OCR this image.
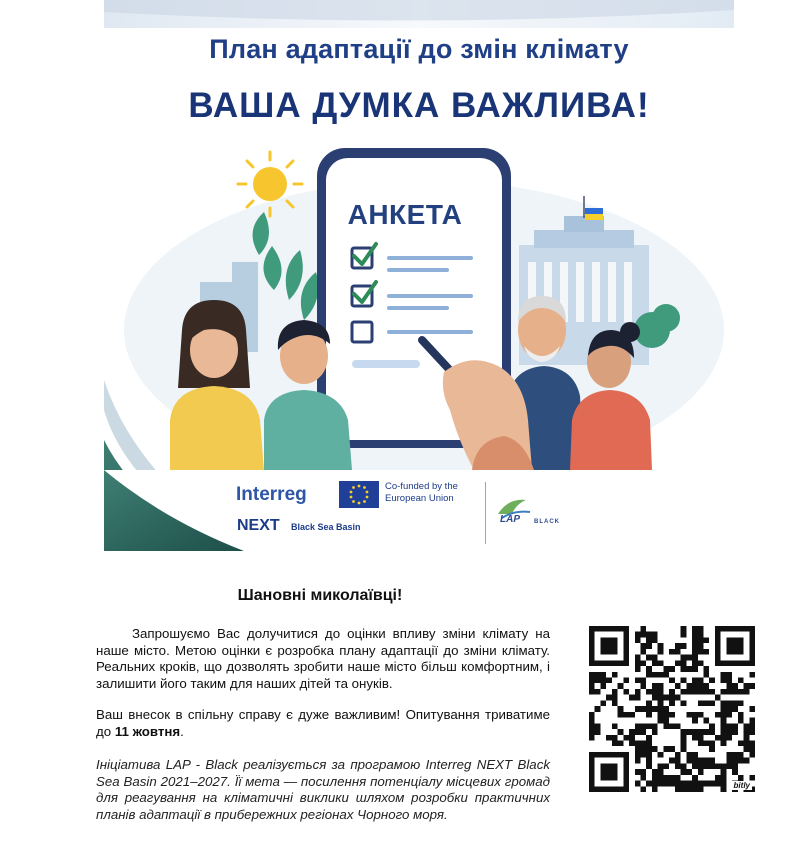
План адаптації до змін клімату

ВАША ДУМКА ВАЖЛИВА!

АНКЕТА
Interreg
NEXT Black Sea Basin
Co-funded by the European Union
LAP BLACK

Шановні миколаївці!

Запрошуємо Вас долучитися до оцінки впливу зміни клімату на наше місто. Метою оцінки є розробка плану адаптації до зміни клімату. Реальних кроків, що дозволять зробити наше місто більш комфортним, і залишити його таким для наших дітей та онуків.

Ваш внесок в спільну справу є дуже важливим! Опитування триватиме до 11 жовтня.

Ініціатива LAP - Black реалізується за програмою Interreg NEXT Black Sea Basin 2021–2027. Її мета — посилення потенціалу місцевих громад для реагування на кліматичні виклики шляхом розробки практичних планів адаптації в прибережних регіонах Чорного моря.

bitly
